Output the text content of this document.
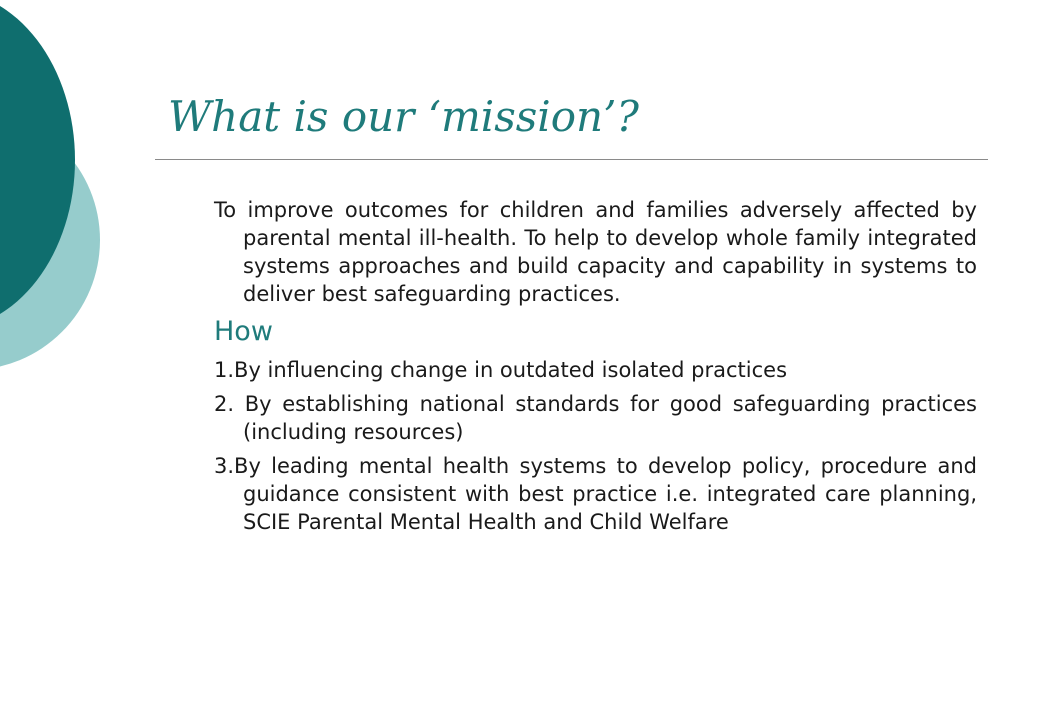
What is our ‘mission’?

To improve outcomes for children and families adversely affected by parental mental ill-health. To help to develop whole family integrated systems approaches and build capacity and capability in systems to deliver best safeguarding practices.

How

1.By influencing change in outdated isolated practices

2. By establishing national standards for good safeguarding practices (including resources)

3.By leading mental health systems to develop policy, procedure and guidance consistent with best practice i.e. integrated care planning, SCIE Parental Mental Health and Child Welfare
